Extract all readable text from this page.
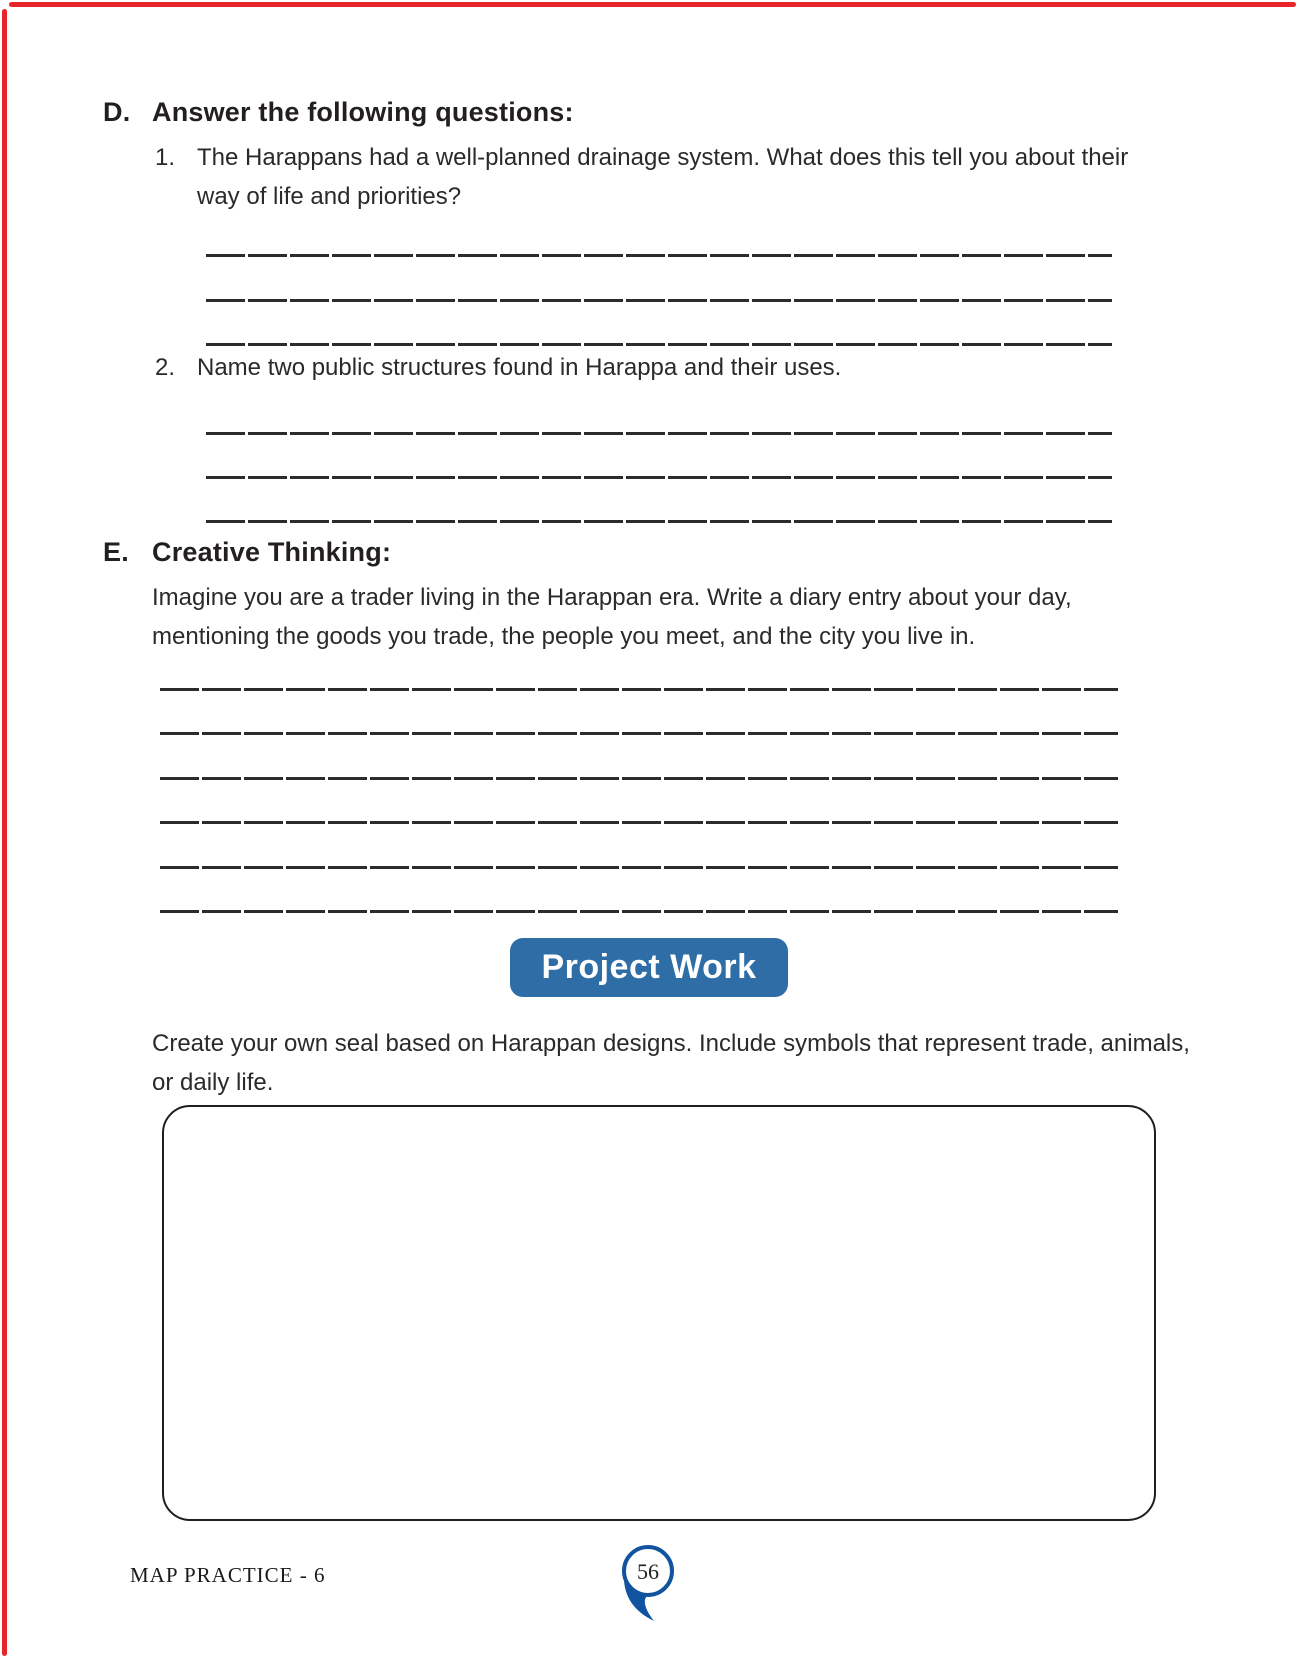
D. Answer the following questions:
1. The Harappans had a well-planned drainage system. What does this tell you about their way of life and priorities?
2. Name two public structures found in Harappa and their uses.
E. Creative Thinking:
Imagine you are a trader living in the Harappan era. Write a diary entry about your day, mentioning the goods you trade, the people you meet, and the city you live in.
Project Work
Create your own seal based on Harappan designs. Include symbols that represent trade, animals, or daily life.
MAP PRACTICE - 6	56
